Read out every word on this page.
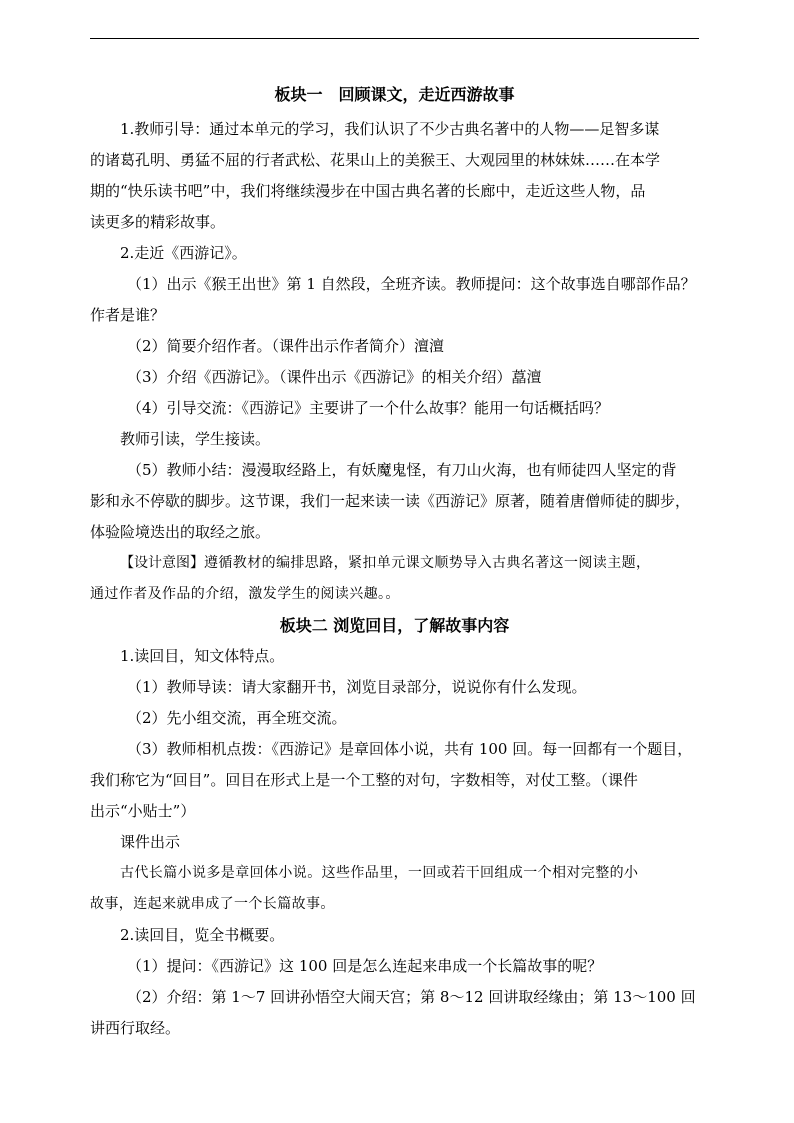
板块一　回顾课文，走近西游故事

1.教师引导：通过本单元的学习，我们认识了不少古典名著中的人物——足智多谋

的诸葛孔明、勇猛不屈的行者武松、花果山上的美猴王、大观园里的林妹妹……在本学

期的“快乐读书吧”中，我们将继续漫步在中国古典名著的长廊中，走近这些人物，品

读更多的精彩故事。

2.走近《西游记》。

（1）出示《猴王出世》第 1 自然段，全班齐读。教师提问：这个故事选自哪部作品？

作者是谁？

（2）简要介绍作者。（课件出示作者简介）澶澶

（3）介绍《西游记》。（课件出示《西游记》的相关介绍）藠澶

（4）引导交流：《西游记》主要讲了一个什么故事？能用一句话概括吗？

教师引读，学生接读。

（5）教师小结：漫漫取经路上，有妖魔鬼怪，有刀山火海，也有师徒四人坚定的背

影和永不停歇的脚步。这节课，我们一起来读一读《西游记》原著，随着唐僧师徒的脚步，

体验险境迭出的取经之旅。

【设计意图】遵循教材的编排思路，紧扣单元课文顺势导入古典名著这一阅读主题，

通过作者及作品的介绍，激发学生的阅读兴趣。。

板块二 浏览回目，了解故事内容

1.读回目，知文体特点。

（1）教师导读：请大家翻开书，浏览目录部分，说说你有什么发现。

（2）先小组交流，再全班交流。

（3）教师相机点拨：《西游记》是章回体小说，共有 100 回。每一回都有一个题目，

我们称它为“回目”。回目在形式上是一个工整的对句，字数相等，对仗工整。（课件

出示“小贴士”）

课件出示

古代长篇小说多是章回体小说。这些作品里，一回或若干回组成一个相对完整的小

故事，连起来就串成了一个长篇故事。

2.读回目，览全书概要。

（1）提问：《西游记》这 100 回是怎么连起来串成一个长篇故事的呢？

（2）介绍：第 1～7 回讲孙悟空大闹天宫；第 8～12 回讲取经缘由；第 13～100 回

讲西行取经。
